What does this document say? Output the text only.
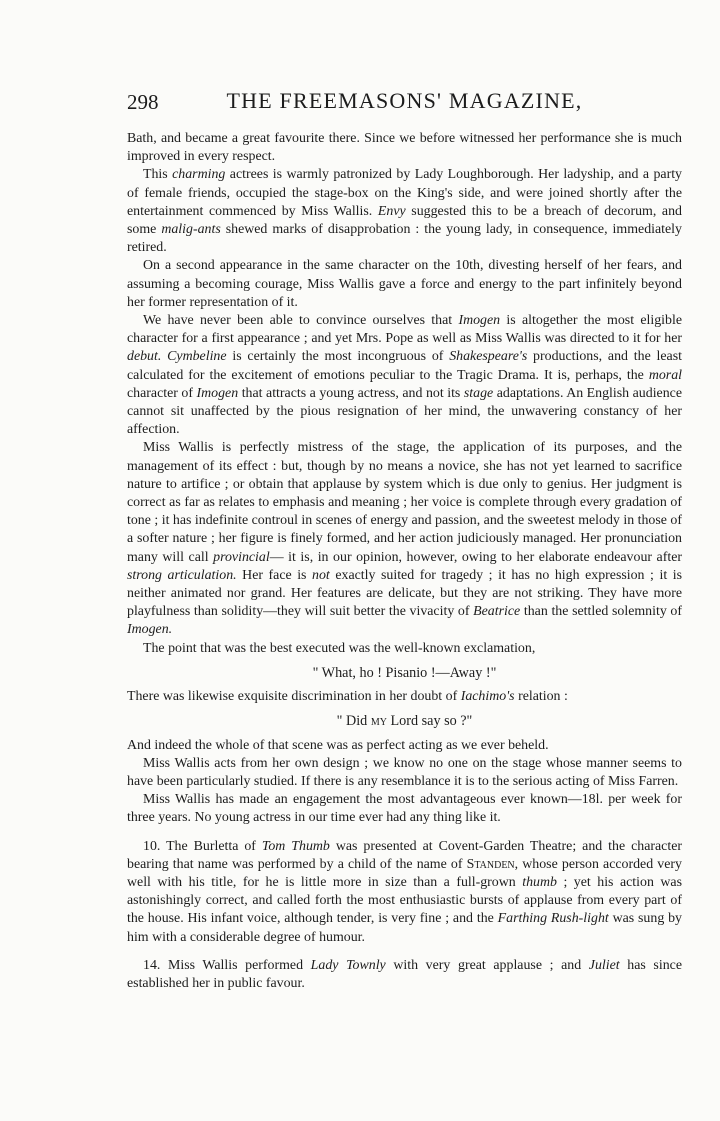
298	THE FREEMASONS' MAGAZINE,

Bath, and became a great favourite there. Since we before witnessed her performance she is much improved in every respect.

This charming actrees is warmly patronized by Lady Loughborough. Her ladyship, and a party of female friends, occupied the stage-box on the King's side, and were joined shortly after the entertainment commenced by Miss Wallis. Envy suggested this to be a breach of decorum, and some malig-ants shewed marks of disapprobation : the young lady, in consequence, immediately retired.

On a second appearance in the same character on the 10th, divesting herself of her fears, and assuming a becoming courage, Miss Wallis gave a force and energy to the part infinitely beyond her former representation of it.

We have never been able to convince ourselves that Imogen is altogether the most eligible character for a first appearance ; and yet Mrs. Pope as well as Miss Wallis was directed to it for her debut. Cymbeline is certainly the most incongruous of Shakespeare's productions, and the least calculated for the excitement of emotions peculiar to the Tragic Drama. It is, perhaps, the moral character of Imogen that attracts a young actress, and not its stage adaptations. An English audience cannot sit unaffected by the pious resignation of her mind, the unwavering constancy of her affection.

Miss Wallis is perfectly mistress of the stage, the application of its purposes, and the management of its effect : but, though by no means a novice, she has not yet learned to sacrifice nature to artifice ; or obtain that applause by system which is due only to genius. Her judgment is correct as far as relates to emphasis and meaning ; her voice is complete through every gradation of tone ; it has indefinite controul in scenes of energy and passion, and the sweetest melody in those of a softer nature ; her figure is finely formed, and her action judiciously managed. Her pronunciation many will call provincial— it is, in our opinion, however, owing to her elaborate endeavour after strong articulation. Her face is not exactly suited for tragedy ; it has no high expression ; it is neither animated nor grand. Her features are delicate, but they are not striking. They have more playfulness than solidity—they will suit better the vivacity of Beatrice than the settled solemnity of Imogen.

The point that was the best executed was the well-known exclamation,

" What, ho ! Pisanio !—Away !"

There was likewise exquisite discrimination in her doubt of Iachimo's relation :

" Did my Lord say so ?"

And indeed the whole of that scene was as perfect acting as we ever beheld.

Miss Wallis acts from her own design ; we know no one on the stage whose manner seems to have been particularly studied. If there is any resemblance it is to the serious acting of Miss Farren.

Miss Wallis has made an engagement the most advantageous ever known—18l. per week for three years. No young actress in our time ever had any thing like it.

10. The Burletta of Tom Thumb was presented at Covent-Garden Theatre; and the character bearing that name was performed by a child of the name of Standen, whose person accorded very well with his title, for he is little more in size than a full-grown thumb ; yet his action was astonishingly correct, and called forth the most enthusiastic bursts of applause from every part of the house. His infant voice, although tender, is very fine ; and the Farthing Rush-light was sung by him with a considerable degree of humour.

14. Miss Wallis performed Lady Townly with very great applause ; and Juliet has since established her in public favour.
